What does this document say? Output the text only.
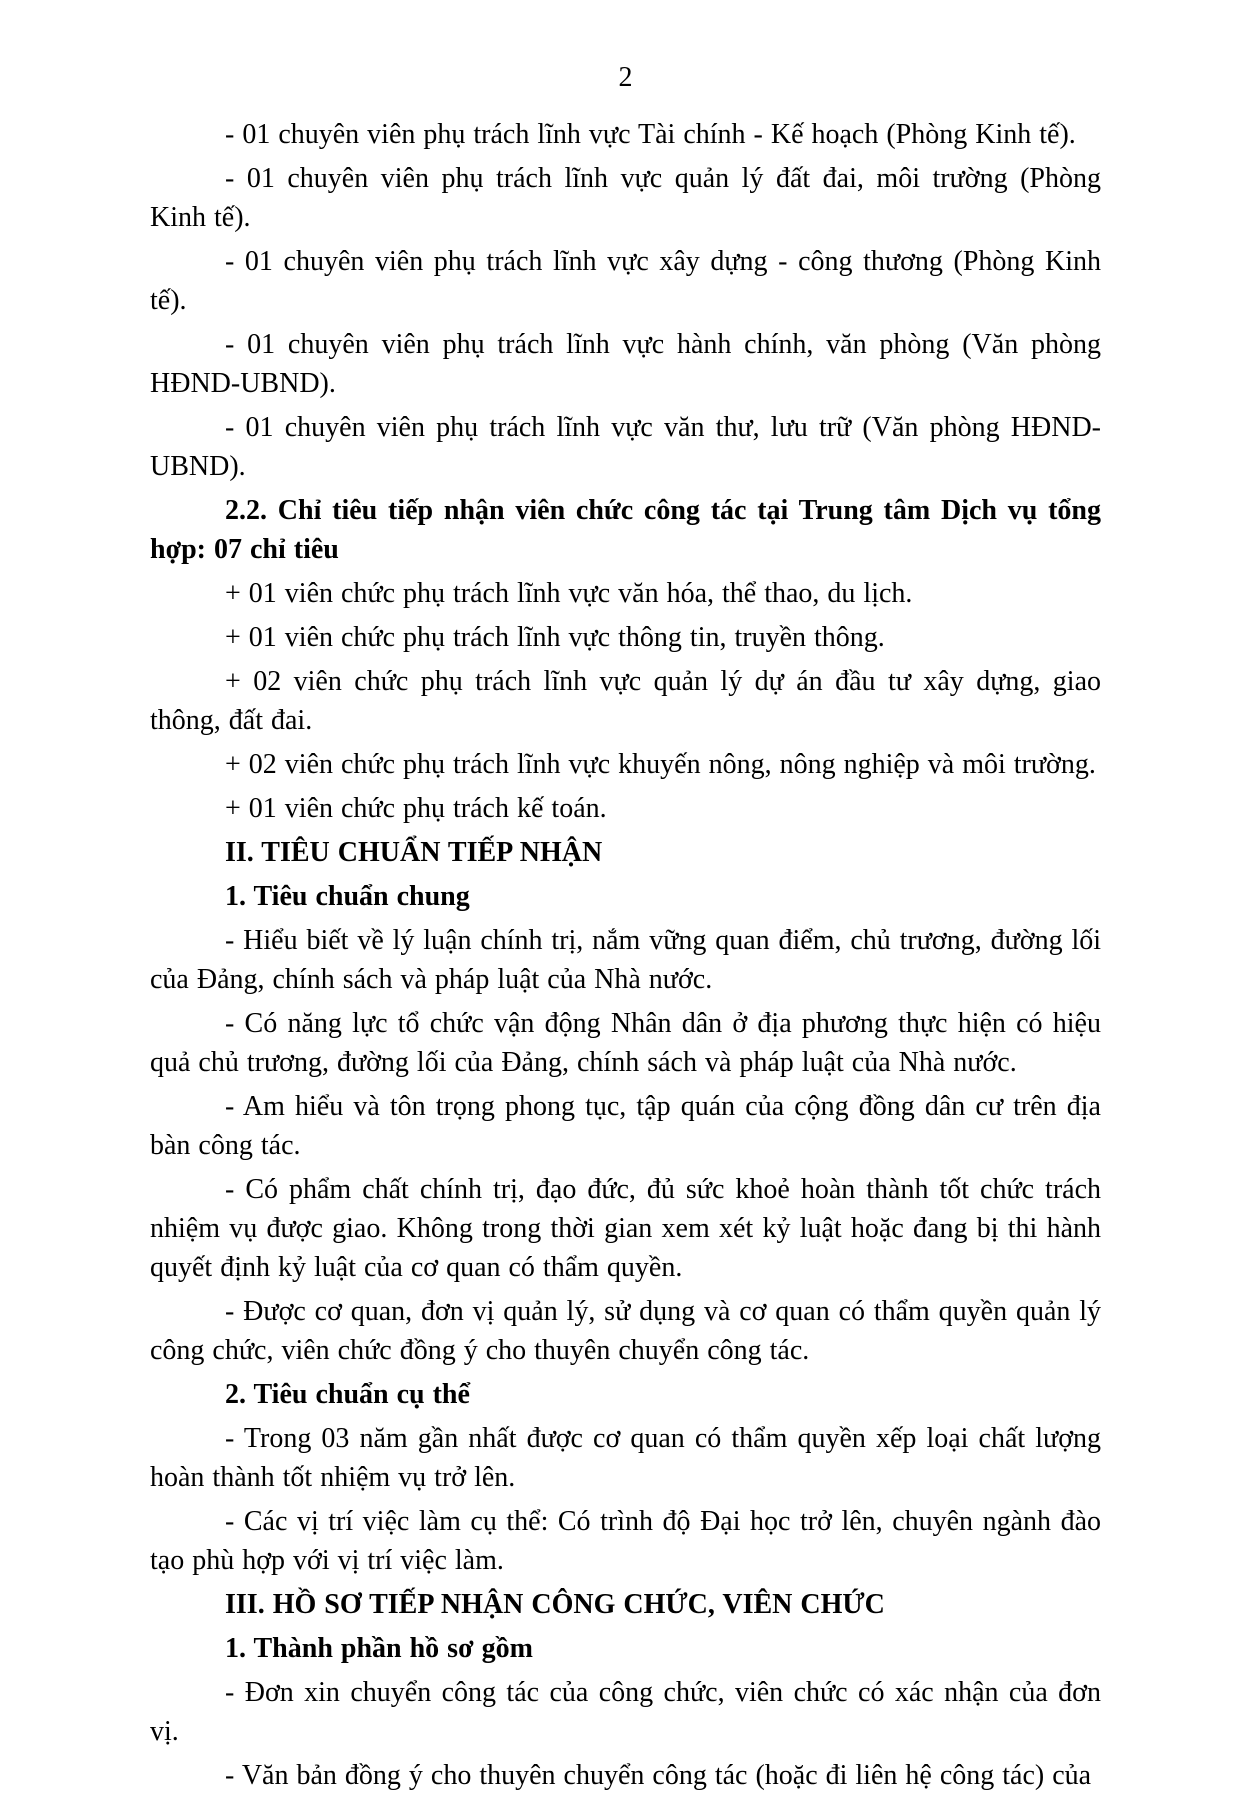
2

- 01 chuyên viên phụ trách lĩnh vực Tài chính - Kế hoạch (Phòng Kinh tế).

- 01 chuyên viên phụ trách lĩnh vực quản lý đất đai, môi trường (Phòng Kinh tế).

- 01 chuyên viên phụ trách lĩnh vực xây dựng - công thương (Phòng Kinh tế).

- 01 chuyên viên phụ trách lĩnh vực hành chính, văn phòng (Văn phòng HĐND-UBND).

- 01 chuyên viên phụ trách lĩnh vực văn thư, lưu trữ (Văn phòng HĐND-UBND).

2.2. Chỉ tiêu tiếp nhận viên chức công tác tại Trung tâm Dịch vụ tổng hợp: 07 chỉ tiêu

+ 01 viên chức phụ trách lĩnh vực văn hóa, thể thao, du lịch.

+ 01 viên chức phụ trách lĩnh vực thông tin, truyền thông.

+ 02 viên chức phụ trách lĩnh vực quản lý dự án đầu tư xây dựng, giao thông, đất đai.

+ 02 viên chức phụ trách lĩnh vực khuyến nông, nông nghiệp và môi trường.

+ 01 viên chức phụ trách kế toán.

II. TIÊU CHUẨN TIẾP NHẬN

1. Tiêu chuẩn chung

- Hiểu biết về lý luận chính trị, nắm vững quan điểm, chủ trương, đường lối của Đảng, chính sách và pháp luật của Nhà nước.

- Có năng lực tổ chức vận động Nhân dân ở địa phương thực hiện có hiệu quả chủ trương, đường lối của Đảng, chính sách và pháp luật của Nhà nước.

- Am hiểu và tôn trọng phong tục, tập quán của cộng đồng dân cư trên địa bàn công tác.

- Có phẩm chất chính trị, đạo đức, đủ sức khoẻ hoàn thành tốt chức trách nhiệm vụ được giao. Không trong thời gian xem xét kỷ luật hoặc đang bị thi hành quyết định kỷ luật của cơ quan có thẩm quyền.

- Được cơ quan, đơn vị quản lý, sử dụng và cơ quan có thẩm quyền quản lý công chức, viên chức đồng ý cho thuyên chuyển công tác.

2. Tiêu chuẩn cụ thể

- Trong 03 năm gần nhất được cơ quan có thẩm quyền xếp loại chất lượng hoàn thành tốt nhiệm vụ trở lên.

- Các vị trí việc làm cụ thể: Có trình độ Đại học trở lên, chuyên ngành đào tạo phù hợp với vị trí việc làm.

III. HỒ SƠ TIẾP NHẬN CÔNG CHỨC, VIÊN CHỨC

1. Thành phần hồ sơ gồm

- Đơn xin chuyển công tác của công chức, viên chức có xác nhận của đơn vị.

- Văn bản đồng ý cho thuyên chuyển công tác (hoặc đi liên hệ công tác) của
